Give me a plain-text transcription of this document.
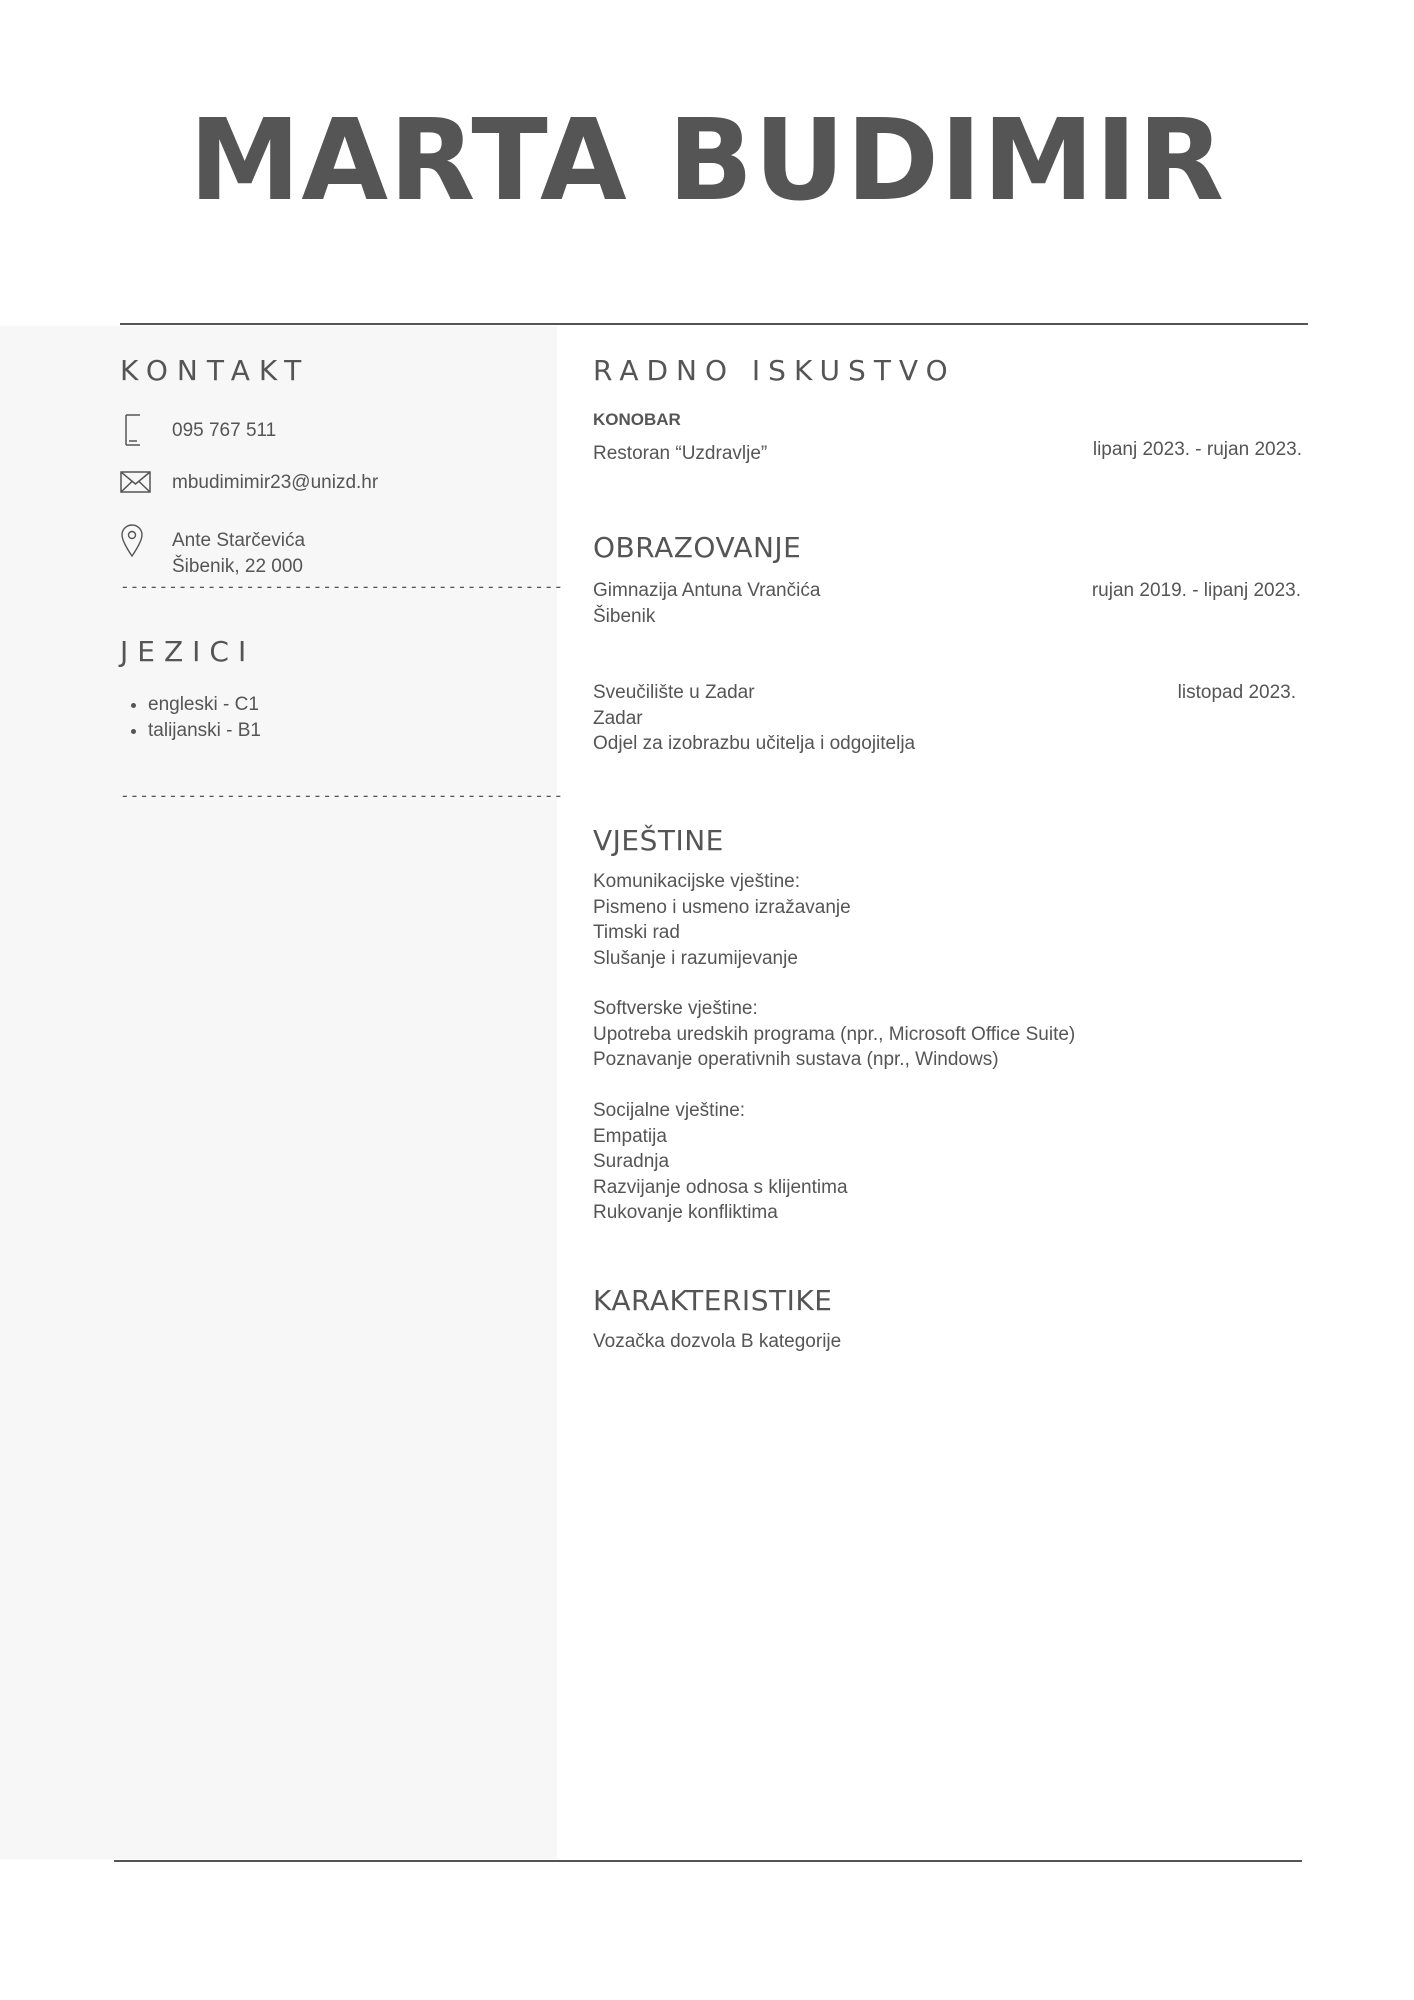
MARTA BUDIMIR
KONTAKT
095 767 511
mbudimimir23@unizd.hr
Ante Starčevića
Šibenik, 22 000
----------------------------------------------
JEZICI
• engleski - C1
• talijanski - B1
----------------------------------------------
RADNO ISKUSTVO
KONOBAR
Restoran “Uzdravlje”	lipanj 2023. - rujan 2023.
OBRAZOVANJE
Gimnazija Antuna Vrančića
Šibenik
rujan 2019. - lipanj 2023.
Sveučilište u Zadar
Zadar
Odjel za izobrazbu učitelja i odgojitelja
listopad 2023.
VJEŠTINE
Komunikacijske vještine:
Pismeno i usmeno izražavanje
Timski rad
Slušanje i razumijevanje
Softverske vještine:
Upotreba uredskih programa (npr., Microsoft Office Suite)
Poznavanje operativnih sustava (npr., Windows)
Socijalne vještine:
Empatija
Suradnja
Razvijanje odnosa s klijentima
Rukovanje konfliktima
KARAKTERISTIKE
Vozačka dozvola B kategorije
